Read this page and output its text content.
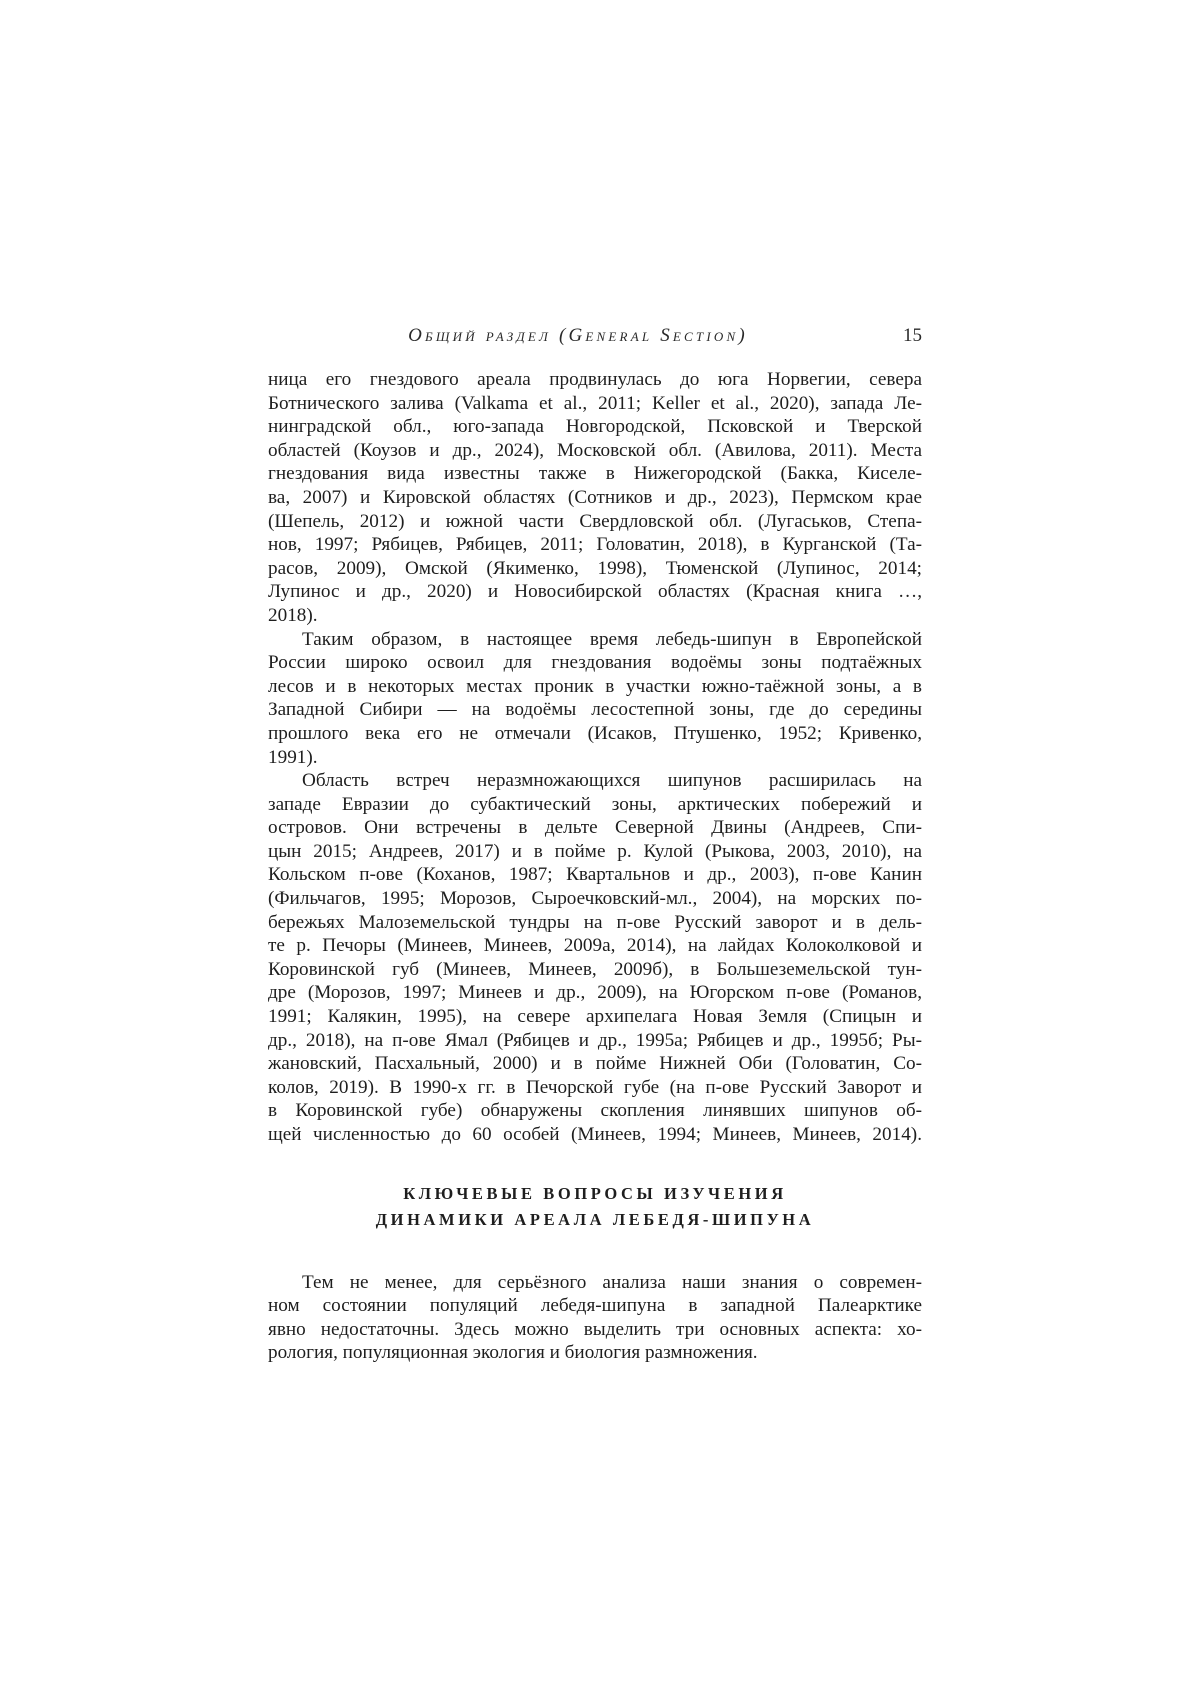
Общий раздел (General Section)	15
ница его гнездового ареала продвинулась до юга Норвегии, севера
Ботнического залива (Valkama et al., 2011; Keller et al., 2020), запада Ле-
нинградской обл., юго-запада Новгородской, Псковской и Тверской
областей (Коузов и др., 2024), Московской обл. (Авилова, 2011). Места
гнездования вида известны также в Нижегородской (Бакка, Киселе-
ва, 2007) и Кировской областях (Сотников и др., 2023), Пермском крае
(Шепель, 2012) и южной части Свердловской обл. (Лугаськов, Степа-
нов, 1997; Рябицев, Рябицев, 2011; Головатин, 2018), в Курганской (Та-
расов, 2009), Омской (Якименко, 1998), Тюменской (Лупинос, 2014;
Лупинос и др., 2020) и Новосибирской областях (Красная книга …,
2018).
Таким образом, в настоящее время лебедь-шипун в Европейской
России широко освоил для гнездования водоёмы зоны подтаёжных
лесов и в некоторых местах проник в участки южно-таёжной зоны, а в
Западной Сибири — на водоёмы лесостепной зоны, где до середины
прошлого века его не отмечали (Исаков, Птушенко, 1952; Кривенко,
1991).
Область встреч неразмножающихся шипунов расширилась на
западе Евразии до субактический зоны, арктических побережий и
островов. Они встречены в дельте Северной Двины (Андреев, Спи-
цын 2015; Андреев, 2017) и в пойме р. Кулой (Рыкова, 2003, 2010), на
Кольском п-ове (Коханов, 1987; Квартальнов и др., 2003), п-ове Канин
(Фильчагов, 1995; Морозов, Сыроечковский-мл., 2004), на морских по-
бережьях Малоземельской тундры на п-ове Русский заворот и в дель-
те р. Печоры (Минеев, Минеев, 2009а, 2014), на лайдах Колоколковой и
Коровинской губ (Минеев, Минеев, 2009б), в Большеземельской тун-
дре (Морозов, 1997; Минеев и др., 2009), на Югорском п-ове (Романов,
1991; Калякин, 1995), на севере архипелага Новая Земля (Спицын и
др., 2018), на п-ове Ямал (Рябицев и др., 1995а; Рябицев и др., 1995б; Ры-
жановский, Пасхальный, 2000) и в пойме Нижней Оби (Головатин, Со-
колов, 2019). В 1990-х гг. в Печорской губе (на п-ове Русский Заворот и
в Коровинской губе) обнаружены скопления линявших шипунов об-
щей численностью до 60 особей (Минеев, 1994; Минеев, Минеев, 2014).
КЛЮЧЕВЫЕ ВОПРОСЫ ИЗУЧЕНИЯ
ДИНАМИКИ АРЕАЛА ЛЕБЕДЯ-ШИПУНА
Тем не менее, для серьёзного анализа наши знания о современ-
ном состоянии популяций лебедя-шипуна в западной Палеарктике
явно недостаточны. Здесь можно выделить три основных аспекта: хо-
рология, популяционная экология и биология размножения.
